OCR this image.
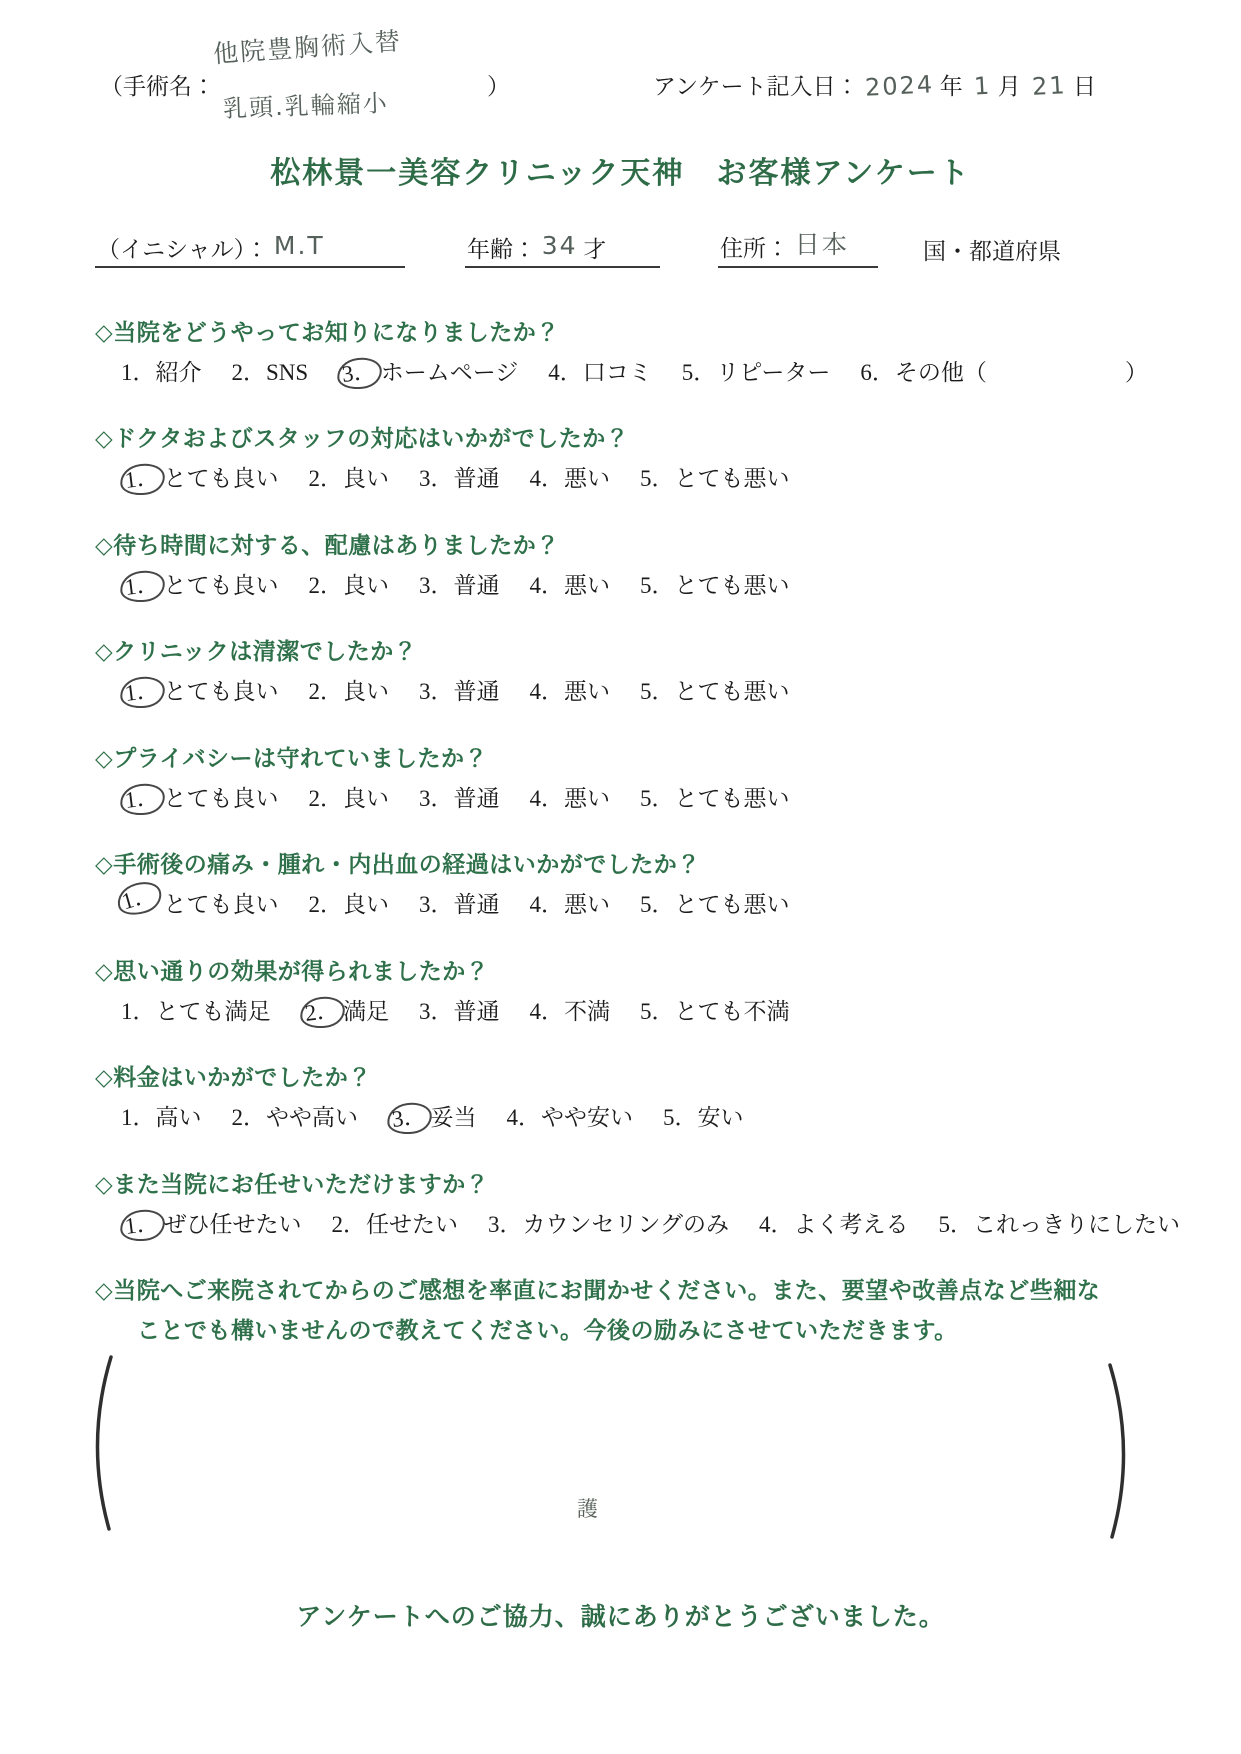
（手術名：
他院豊胸術入替
乳頭.乳輪縮小
）	アンケート記入日： 2024 年 1 月 21 日
松林景一美容クリニック天神　お客様アンケート
（イニシャル）： M.T	年齢： 34 才	住所： 日本	国・都道府県
◇当院をどうやってお知りになりましたか？
1．紹介 2．SNS 3． ホームページ 4．口コミ 5．リピーター 6．その他（　　　　　　）
◇ドクタおよびスタッフの対応はいかがでしたか？
1． とても良い 2．良い 3．普通 4．悪い 5．とても悪い
◇待ち時間に対する、配慮はありましたか？
1． とても良い 2．良い 3．普通 4．悪い 5．とても悪い
◇クリニックは清潔でしたか？
1． とても良い 2．良い 3．普通 4．悪い 5．とても悪い
◇プライバシーは守れていましたか？
1． とても良い 2．良い 3．普通 4．悪い 5．とても悪い
◇手術後の痛み・腫れ・内出血の経過はいかがでしたか？
1． とても良い 2．良い 3．普通 4．悪い 5．とても悪い
◇思い通りの効果が得られましたか？
1．とても満足 2． 満足 3．普通 4．不満 5．とても不満
◇料金はいかがでしたか？
1．高い 2．やや高い 3． 妥当 4．やや安い 5．安い
◇また当院にお任せいただけますか？
1． ぜひ任せたい 2．任せたい 3．カウンセリングのみ 4．よく考える 5．これっきりにしたい
◇当院へご来院されてからのご感想を率直にお聞かせください。また、要望や改善点など些細な
ことでも構いませんので教えてください。今後の励みにさせていただきます。
護
アンケートへのご協力、誠にありがとうございました。
